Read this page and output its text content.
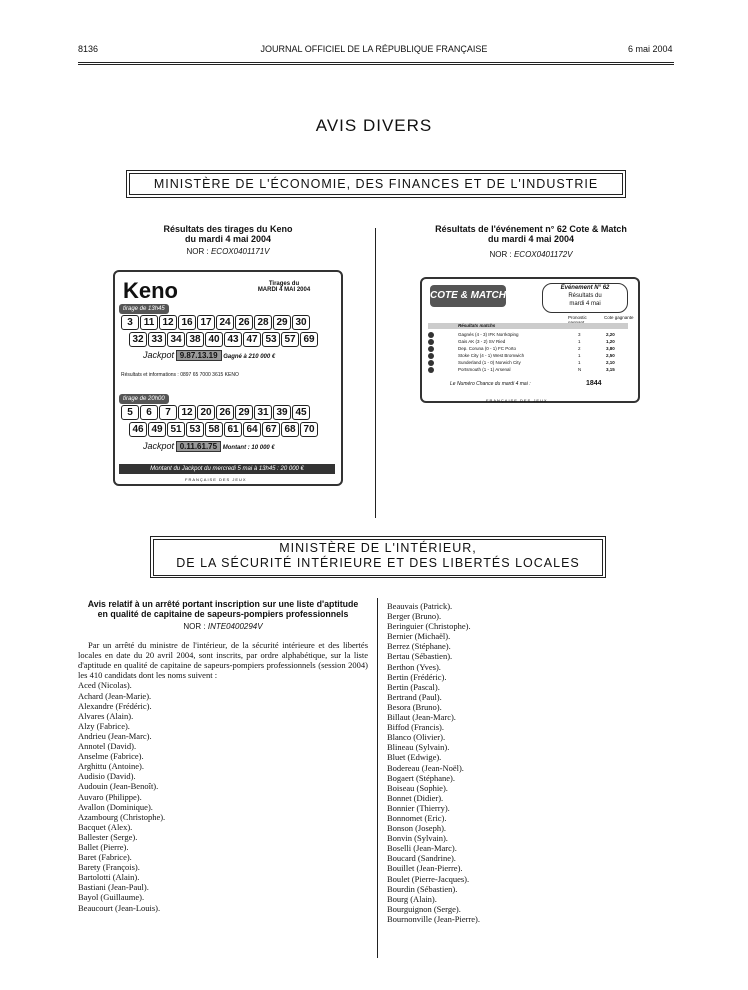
8136	JOURNAL OFFICIEL DE LA RÉPUBLIQUE FRANÇAISE	6 mai 2004
AVIS DIVERS
MINISTÈRE DE L'ÉCONOMIE, DES FINANCES ET DE L'INDUSTRIE
Résultats des tirages du Keno
du mardi 4 mai 2004
NOR : ECOX0401171V
Keno	Tirages du
MARDI 4 MAI 2004
tirage de 13h45
3	11 12 16 17 24 26 28 29 30
32 33 34 38 40 43 47 53 57 69
Jackpot 9.87.13.19 Gagné à 210 000 €
Résultats et informations : 0897 65 7000 3615 KENO
tirage de 20h00
5	6	7	12 20 26 29 31 39 45
46 49 51 53 58 61 64 67 68 70
Jackpot 0.11.61.75 Montant : 10 000 €
Montant du Jackpot du mercredi 5 mai à 13h45 : 20 000 €
FRANÇAISE DES JEUX
Résultats de l'événement n° 62 Cote & Match
du mardi 4 mai 2004
NOR : ECOX0401172V
COTE & MATCH
Événement N° 62
Résultats du
mardi 4 mai
Pronostic	Cote gagnante
Résultats matchs
Gagnés (4 - 3) IFK Norrköping	3	2,20
Gais AK (3 - 2) SV Ried	1	1,20
Dep. Coruna (0 - 1) FC Porto	2	3,80
Stoke City (4 - 1) West Bromwich	1	2,50
Sunderland (1 - 0) Norwich City	1	2,10
Portsmouth (1 - 1) Arsenal	N	3,15
Le Numéro Chance du mardi 4 mai :	1844
FRANÇAISE DES JEUX
MINISTÈRE DE L'INTÉRIEUR,
DE LA SÉCURITÉ INTÉRIEURE ET DES LIBERTÉS LOCALES

Avis relatif à un arrêté portant inscription sur une liste d'aptitude en qualité de capitaine de sapeurs-pompiers professionnels

NOR : INTE0400294V

Par un arrêté du ministre de l'intérieur, de la sécurité intérieure et des libertés locales en date du 20 avril 2004, sont inscrits, par ordre alphabétique, sur la liste d'aptitude en qualité de capitaine de sapeurs-pompiers professionnels (session 2004) les 410 candidats dont les noms suivent :

Aced (Nicolas).

Achard (Jean-Marie).

Alexandre (Frédéric).

Alvares (Alain).

Alzy (Fabrice).

Andrieu (Jean-Marc).

Annotel (David).

Anselme (Fabrice).

Arghittu (Antoine).

Audisio (David).

Audouin (Jean-Benoît).

Auvaro (Philippe).

Avallon (Dominique).

Azambourg (Christophe).

Bacquet (Alex).

Ballester (Serge).

Ballet (Pierre).

Baret (Fabrice).

Barety (François).

Bartolotti (Alain).

Bastiani (Jean-Paul).

Bayol (Guillaume).

Beaucourt (Jean-Louis).

Beauvais (Patrick).

Berger (Bruno).

Beringuier (Christophe).

Bernier (Michaël).

Berrez (Stéphane).

Bertau (Sébastien).

Berthon (Yves).

Bertin (Frédéric).

Bertin (Pascal).

Bertrand (Paul).

Besora (Bruno).

Billaut (Jean-Marc).

Biffod (Francis).

Blanco (Olivier).

Blineau (Sylvain).

Bluet (Edwige).

Bodereau (Jean-Noël).

Bogaert (Stéphane).

Boiseau (Sophie).

Bonnet (Didier).

Bonnier (Thierry).

Bonnomet (Eric).

Bonson (Joseph).

Bonvin (Sylvain).

Boselli (Jean-Marc).

Boucard (Sandrine).

Bouillet (Jean-Pierre).

Boulet (Pierre-Jacques).

Bourdin (Sébastien).

Bourg (Alain).

Bourguignon (Serge).

Bournonville (Jean-Pierre).
